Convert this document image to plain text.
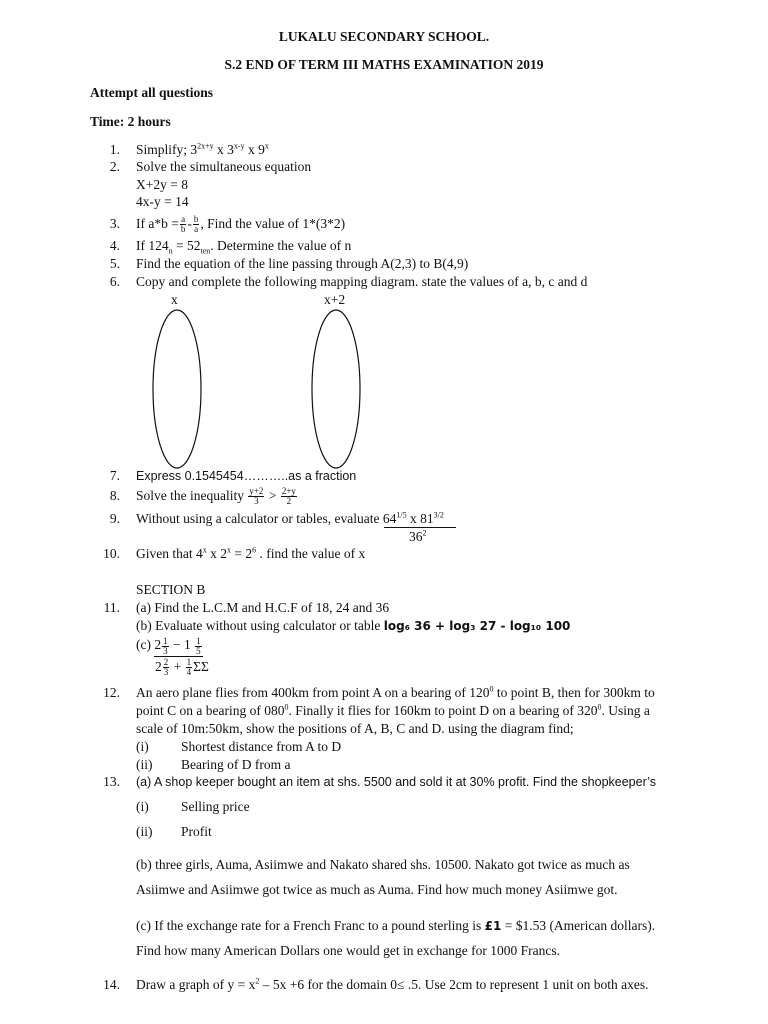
LUKALU SECONDARY SCHOOL.
S.2 END OF TERM III MATHS EXAMINATION 2019
Attempt all questions
Time: 2 hours
1. Simplify; $3^{2x+y}$ x 3$^{x-y}$ x 9$^x$
2. Solve the simultaneous equation
X+2y = 8
4x-y = 14
3. If $a*b = \frac{a}{b} - \frac{b}{a}$ , Find the value of 1*(3*2)
4. If $124_n = 52_{ten}$. Determine the value of n
5. Find the equation of the line passing through A(2,3) to B(4,9)
6. Copy and complete the following mapping diagram. state the values of a, b, c and d
x	x+2
7. Express 0.1545454………..as a fraction
8. Solve the inequality $\frac{y+2}{3} > \frac{2+y}{2}$
9. Without using a calculator or tables, evaluate $64^{1/5}$ x $81^{3/2}$
$36^2$
10. Given that 4$^x$ x $2^x = 2^6$ . find the value of x
SECTION B
11. (a) Find the L.C.M and H.C.F of 18, 24 and 36
(b) Evaluate without using calculator or table log₆ 36 + log₃ 27 - log₁₀ 100
(c) $2 \frac{1}{3} - 1 \frac{1}{5}$
$2 \frac{2}{3} + \frac{1}{4}$ ΣΣ
12. An aero plane flies from 400km from point A on a bearing of $120^0$ to point B, then for 300km to
point C on a bearing of $080^0$. Finally it flies for 160km to point D on a bearing of $320^0$. Using a
scale of 10m:50km, show the positions of A, B, C and D. using the diagram find;
(i) Shortest distance from A to D
(ii) Bearing of D from a
13. (a) A shop keeper bought an item at shs. 5500 and sold it at 30% profit. Find the shopkeeper’s
(i) Selling price
(ii) Profit
(b) three girls, Auma, Asiimwe and Nakato shared shs. 10500. Nakato got twice as much as
Asiimwe and Asiimwe got twice as much as Auma. Find how much money Asiimwe got.
(c) If the exchange rate for a French Franc to a pound sterling is £1 = $1.53 (American dollars).
Find how many American Dollars one would get in exchange for 1000 Francs.
14. Draw a graph of $y = x^2 - 5x +6$ for the domain 0≤ .5. Use 2cm to represent 1 unit on both axes.
